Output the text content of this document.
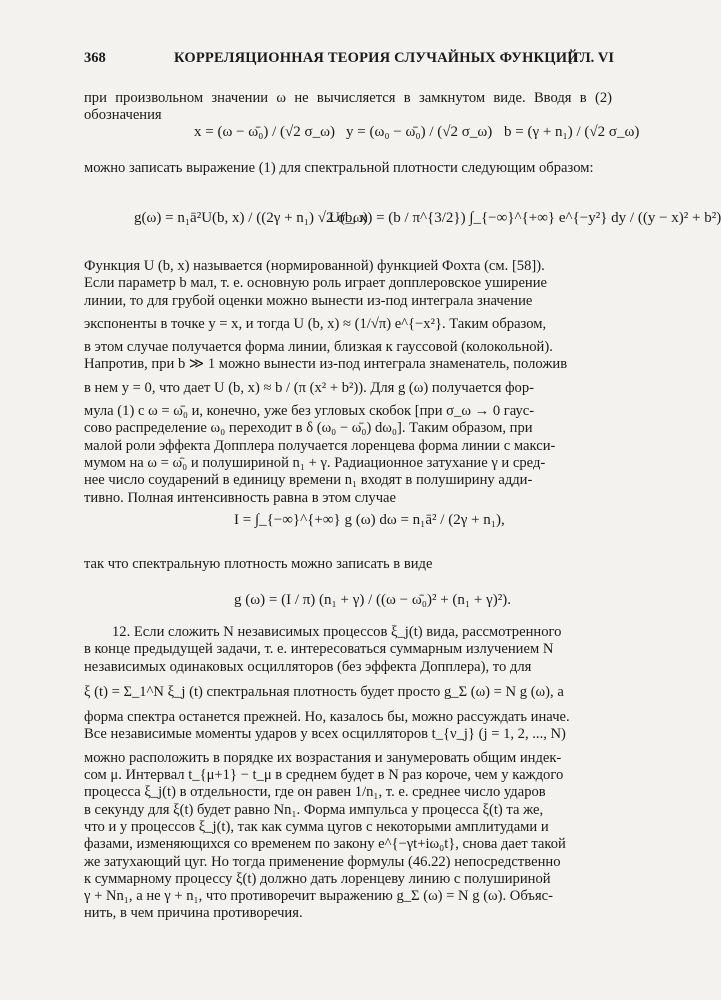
368	КОРРЕЛЯЦИОННАЯ ТЕОРИЯ СЛУЧАЙНЫХ ФУНКЦИЙ
[ГЛ. VI

при произвольном значении ω не вычисляется в замкнутом виде. Вводя в (2) обозначения

x = (ω − ω̄₀) / (√2 σ_ω) y = (ω₀ − ω̄₀) / (√2 σ_ω) b = (γ + n₁) / (√2 σ_ω)

можно записать выражение (1) для спектральной плотности следующим образом:

g(ω) = n₁ā²U(b, x) / ((2γ + n₁) √2 σ_ω)
U(b, x) = (b / π^{3/2}) ∫_{−∞}^{+∞} e^{−y²} dy / ((y − x)² + b²)

Функция U (b, x) называется (нормированной) функцией Фохта (см. [58]).

Если параметр b мал, т. е. основную роль играет допплеровское уширение

линии, то для грубой оценки можно вынести из-под интеграла значение

экспоненты в точке y = x, и тогда U (b, x) ≈ (1/√π) e^{−x²}. Таким образом,

в этом случае получается форма линии, близкая к гауссовой (колокольной).

Напротив, при b ≫ 1 можно вынести из-под интеграла знаменатель, положив

в нем y = 0, что дает U (b, x) ≈ b / (π (x² + b²)). Для g (ω) получается фор-

мула (1) с ω = ω̄₀ и, конечно, уже без угловых скобок [при σ_ω → 0 гаус-

сово распределение ω₀ переходит в δ (ω₀ − ω̄₀) dω₀]. Таким образом, при

малой роли эффекта Допплера получается лоренцева форма линии с макси-

мумом на ω = ω̄₀ и полушириной n₁ + γ. Радиационное затухание γ и сред-

нее число соударений в единицу времени n₁ входят в полуширину адди-

тивно. Полная интенсивность равна в этом случае

I = ∫_{−∞}^{+∞} g (ω) dω = n₁ā² / (2γ + n₁),

так что спектральную плотность можно записать в виде

g (ω) = (I / π) (n₁ + γ) / ((ω − ω̄₀)² + (n₁ + γ)²).

12. Если сложить N независимых процессов ξ_j(t) вида, рассмотренного

в конце предыдущей задачи, т. е. интересоваться суммарным излучением N

независимых одинаковых осцилляторов (без эффекта Допплера), то для

ξ (t) = Σ_1^N ξ_j (t) спектральная плотность будет просто g_Σ (ω) = N g (ω), а

форма спектра останется прежней. Но, казалось бы, можно рассуждать иначе.

Все независимые моменты ударов у всех осцилляторов t_{ν_j} (j = 1, 2, ..., N)

можно расположить в порядке их возрастания и занумеровать общим индек-

сом μ. Интервал t_{μ+1} − t_μ в среднем будет в N раз короче, чем у каждого

процесса ξ_j(t) в отдельности, где он равен 1/n₁, т. е. среднее число ударов

в секунду для ξ(t) будет равно Nn₁. Форма импульса у процесса ξ(t) та же,

что и у процессов ξ_j(t), так как сумма цугов с некоторыми амплитудами и

фазами, изменяющихся со временем по закону e^{−γt+iω₀t}, снова дает такой

же затухающий цуг. Но тогда применение формулы (46.22) непосредственно

к суммарному процессу ξ(t) должно дать лоренцеву линию с полушириной

γ + Nn₁, а не γ + n₁, что противоречит выражению g_Σ (ω) = N g (ω). Объяс-

нить, в чем причина противоречия.
